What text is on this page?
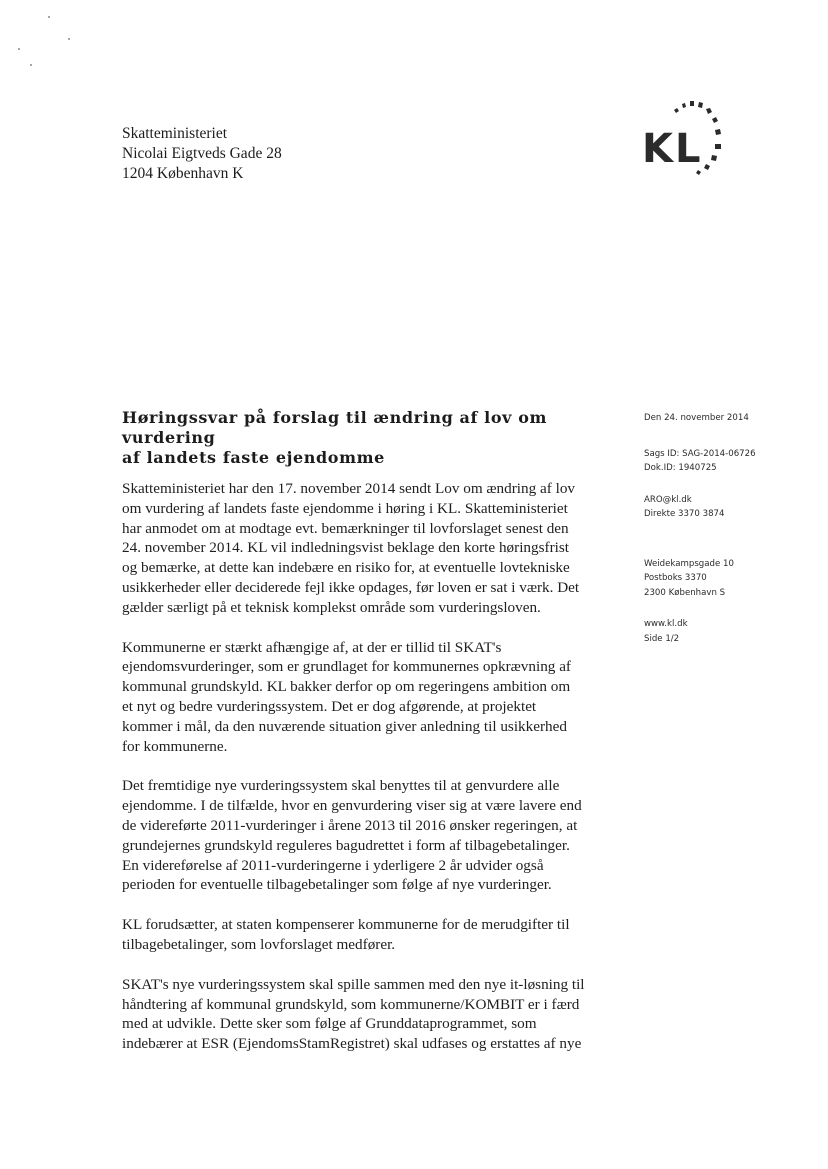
Skatteministeriet
Nicolai Eigtveds Gade 28
1204 København K
KL
Høringssvar på forslag til ændring af lov om vurdering
af landets faste ejendomme
Den 24. november 2014
Sags ID: SAG-2014-06726
Dok.ID: 1940725
ARO@kl.dk
Direkte 3370 3874
Weidekampsgade 10
Postboks 3370
2300 København S
www.kl.dk
Side 1/2

Skatteministeriet har den 17. november 2014 sendt Lov om ændring af lov
om vurdering af landets faste ejendomme i høring i KL. Skatteministeriet
har anmodet om at modtage evt. bemærkninger til lovforslaget senest den
24. november 2014. KL vil indledningsvist beklage den korte høringsfrist
og bemærke, at dette kan indebære en risiko for, at eventuelle lovtekniske
usikkerheder eller deciderede fejl ikke opdages, før loven er sat i værk. Det
gælder særligt på et teknisk komplekst område som vurderingsloven.

Kommunerne er stærkt afhængige af, at der er tillid til SKAT's
ejendomsvurderinger, som er grundlaget for kommunernes opkrævning af
kommunal grundskyld. KL bakker derfor op om regeringens ambition om
et nyt og bedre vurderingssystem. Det er dog afgørende, at projektet
kommer i mål, da den nuværende situation giver anledning til usikkerhed
for kommunerne.

Det fremtidige nye vurderingssystem skal benyttes til at genvurdere alle
ejendomme. I de tilfælde, hvor en genvurdering viser sig at være lavere end
de videreførte 2011-vurderinger i årene 2013 til 2016 ønsker regeringen, at
grundejernes grundskyld reguleres bagudrettet i form af tilbagebetalinger.
En videreførelse af 2011-vurderingerne i yderligere 2 år udvider også
perioden for eventuelle tilbagebetalinger som følge af nye vurderinger.

KL forudsætter, at staten kompenserer kommunerne for de merudgifter til
tilbagebetalinger, som lovforslaget medfører.

SKAT's nye vurderingssystem skal spille sammen med den nye it-løsning til
håndtering af kommunal grundskyld, som kommunerne/KOMBIT er i færd
med at udvikle. Dette sker som følge af Grunddataprogrammet, som
indebærer at ESR (EjendomsStamRegistret) skal udfases og erstattes af nye
